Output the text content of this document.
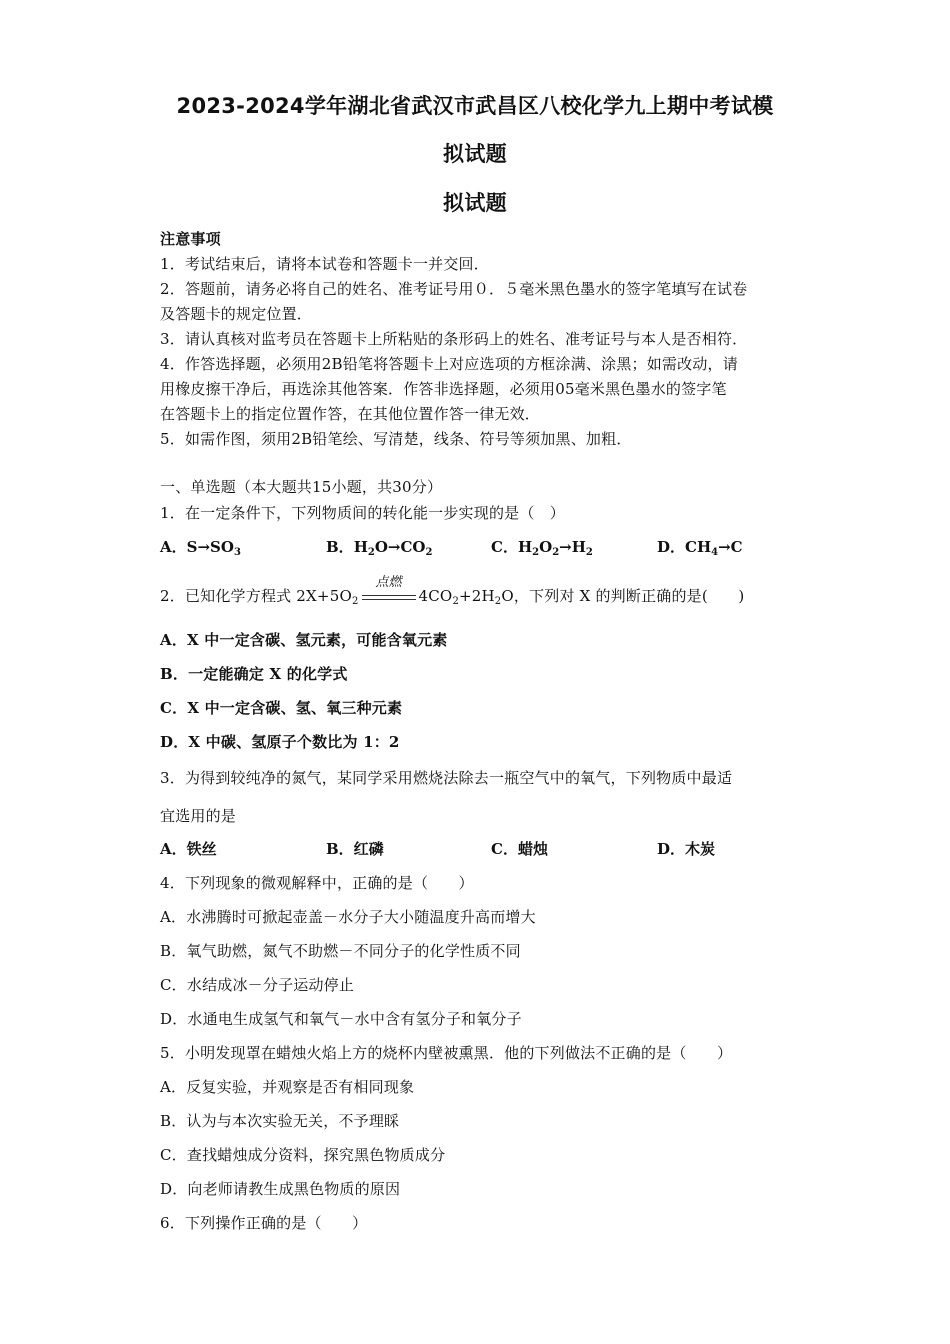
2023-2024学年湖北省武汉市武昌区八校化学九上期中考试模
拟试题
拟试题
注意事项
1．考试结束后，请将本试卷和答题卡一并交回．
2．答题前，请务必将自己的姓名、准考证号用０．５毫米黑色墨水的签字笔填写在试卷
及答题卡的规定位置．
3．请认真核对监考员在答题卡上所粘贴的条形码上的姓名、准考证号与本人是否相符．
4．作答选择题，必须用2B铅笔将答题卡上对应选项的方框涂满、涂黑；如需改动，请
用橡皮擦干净后，再选涂其他答案．作答非选择题，必须用05毫米黑色墨水的签字笔
在答题卡上的指定位置作答，在其他位置作答一律无效．
5．如需作图，须用2B铅笔绘、写清楚，线条、符号等须加黑、加粗．
一、单选题（本大题共15小题，共30分）
1．在一定条件下，下列物质间的转化能一步实现的是（　）
A．$S\to SO_3$	B．$H_2O\to CO_2$	C．$H_2O_2\to H_2$	D．$CH_4\to C$
2．已知化学方程式 $2X+5O_2$
点燃
$4CO_2+2H_2O$，下列对 X 的判断正确的是(　　)
A．X 中一定含碳、氢元素，可能含氧元素
B．一定能确定 X 的化学式
C．X 中一定含碳、氢、氧三种元素
D．X 中碳、氢原子个数比为 1：2
3．为得到较纯净的氮气，某同学采用燃烧法除去一瓶空气中的氧气，下列物质中最适
宜选用的是
A．铁丝	B．红磷	C．蜡烛	D．木炭
4．下列现象的微观解释中，正确的是（　　）
A．水沸腾时可掀起壶盖－水分子大小随温度升高而增大
B．氧气助燃，氮气不助燃－不同分子的化学性质不同
C．水结成冰－分子运动停止
D．水通电生成氢气和氧气－水中含有氢分子和氧分子
5．小明发现罩在蜡烛火焰上方的烧杯内壁被熏黑．他的下列做法不正确的是（　　）
A．反复实验，并观察是否有相同现象
B．认为与本次实验无关，不予理睬
C．查找蜡烛成分资料，探究黑色物质成分
D．向老师请教生成黑色物质的原因
6．下列操作正确的是（　　）
